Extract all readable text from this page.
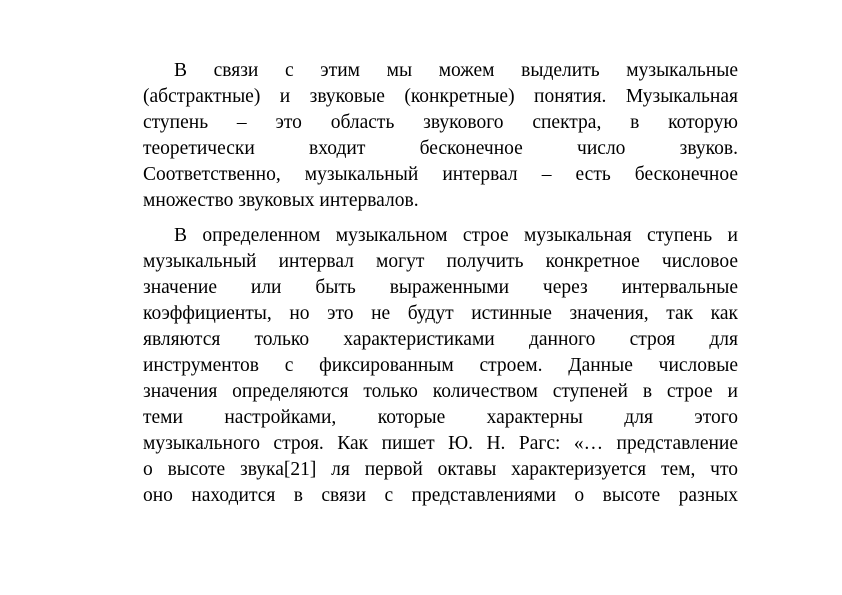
В связи с этим мы можем выделить музыкальные
(абстрактные) и звуковые (конкретные) понятия. Музыкальная
ступень – это область звукового спектра, в которую
теоретически входит бесконечное число звуков.
Соответственно, музыкальный интервал – есть бесконечное
множество звуковых интервалов.

В определенном музыкальном строе музыкальная ступень и
музыкальный интервал могут получить конкретное числовое
значение или быть выраженными через интервальные
коэффициенты, но это не будут истинные значения, так как
являются только характеристиками данного строя для
инструментов с фиксированным строем. Данные числовые
значения определяются только количеством ступеней в строе и
теми настройками, которые характерны для этого
музыкального строя. Как пишет Ю. Н. Рагс: «… представление
о высоте звука[21] ля первой октавы характеризуется тем, что
оно находится в связи с представлениями о высоте разных
